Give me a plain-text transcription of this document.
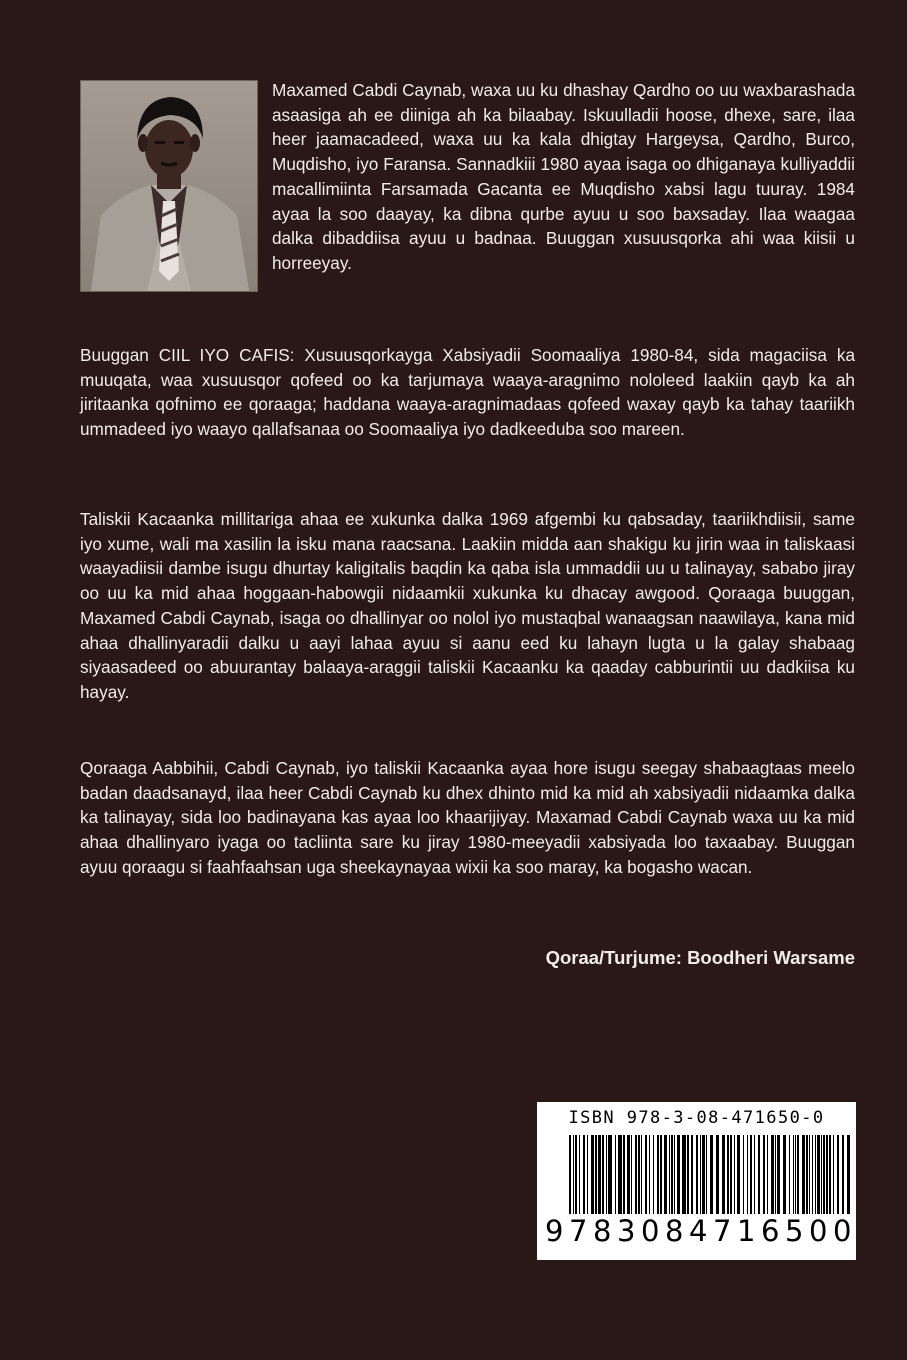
Maxamed Cabdi Caynab, waxa uu ku dhashay Qardho oo uu waxbarashada asaasiga ah ee diiniga ah ka bilaabay. Iskuulladii hoose, dhexe, sare, ilaa heer jaamacadeed, waxa uu ka kala dhigtay Hargeysa, Qardho, Burco, Muqdisho, iyo Faransa. Sannadkiii 1980 ayaa isaga oo dhiganaya kulliyaddii macallimiinta Farsamada Gacanta ee Muqdisho xabsi lagu tuuray. 1984 ayaa la soo daayay, ka dibna qurbe ayuu u soo baxsaday. Ilaa waagaa dalka dibaddiisa ayuu u badnaa. Buuggan xusuusqorka ahi waa kiisii u horreeyay.

Buuggan CIIL IYO CAFIS: Xusuusqorkayga Xabsiyadii Soomaaliya 1980-84, sida magaciisa ka muuqata, waa xusuusqor qofeed oo ka tarjumaya waaya-aragnimo nololeed laakiin qayb ka ah jiritaanka qofnimo ee qoraaga; haddana waaya-aragnimadaas qofeed waxay qayb ka tahay taariikh ummadeed iyo waayo qallafsanaa oo Soomaaliya iyo dadkeeduba soo mareen.

Taliskii Kacaanka millitariga ahaa ee xukunka dalka 1969 afgembi ku qabsaday, taariikhdiisii, same iyo xume, wali ma xasilin la isku mana raacsana. Laakiin midda aan shakigu ku jirin waa in taliskaasi waayadiisii dambe isugu dhurtay kaligitalis baqdin ka qaba isla ummaddii uu u talinayay, sababo jiray oo uu ka mid ahaa hoggaan-habowgii nidaamkii xukunka ku dhacay awgood. Qoraaga buuggan, Maxamed Cabdi Caynab, isaga oo dhallinyar oo nolol iyo mustaqbal wanaagsan naawilaya, kana mid ahaa dhallinyaradii dalku u aayi lahaa ayuu si aanu eed ku lahayn lugta u la galay shabaag siyaasadeed oo abuurantay balaaya-araggii taliskii Kacaanku ka qaaday cabburintii uu dadkiisa ku hayay.

Qoraaga Aabbihii, Cabdi Caynab, iyo taliskii Kacaanka ayaa hore isugu seegay shabaagtaas meelo badan daadsanayd, ilaa heer Cabdi Caynab ku dhex dhinto mid ka mid ah xabsiyadii nidaamka dalka ka talinayay, sida loo badinayana kas ayaa loo khaarijiyay. Maxamad Cabdi Caynab waxa uu ka mid ahaa dhallinyaro iyaga oo tacliinta sare ku jiray 1980-meeyadii xabsiyada loo taxaabay. Buuggan ayuu qoraagu si faahfaahsan uga sheekaynayaa wixii ka soo maray, ka bogasho wacan.

Qoraa/Turjume: Boodheri Warsame

ISBN 978-3-08-471650-0
9 7 8 3 0 8 4 7 1 6 5 0 0
